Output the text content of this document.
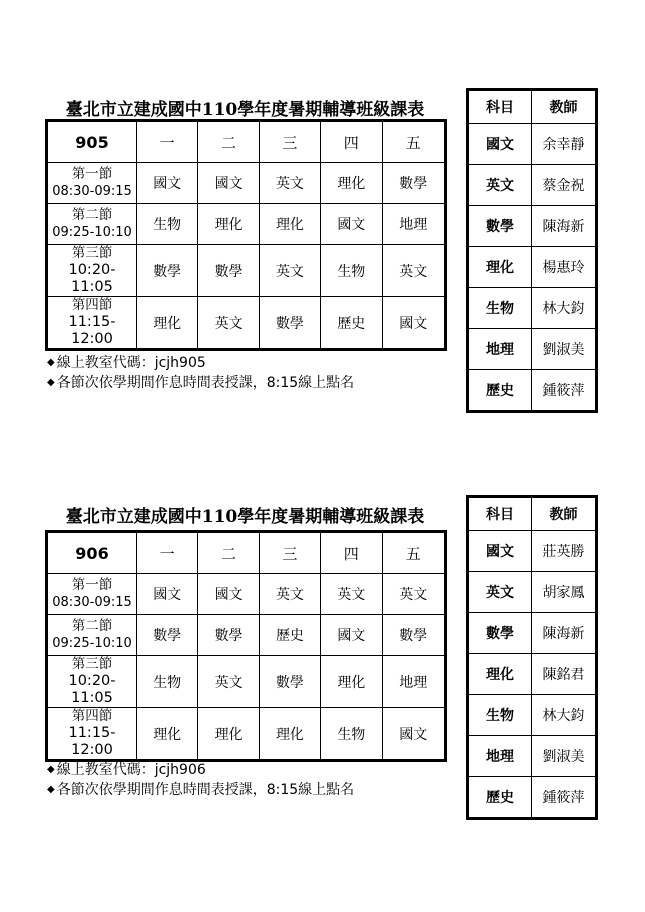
臺北市立建成國中110學年度暑期輔導班級課表
905	一	二	三	四	五

第一節
08:30-09:15	國文	國文	英文	理化	數學

第二節
09:25-10:10	生物	理化	理化	國文	地理

第三節
10:20-11:05	數學	數學	英文	生物	英文

第四節
11:15-12:00	理化	英文	數學	歷史	國文
◆ 線上教室代碼：jcjh905
◆ 各節次依學期間作息時間表授課，8:15線上點名
科目	教師
國文	余幸靜
英文	蔡金祝
數學	陳海新
理化	楊惠玲
生物	林大鈞
地理	劉淑美
歷史	鍾筱萍
臺北市立建成國中110學年度暑期輔導班級課表
906	一	二	三	四	五

第一節
08:30-09:15	國文	國文	英文	英文	英文

第二節
09:25-10:10	數學	數學	歷史	國文	數學

第三節
10:20-11:05	生物	英文	數學	理化	地理

第四節
11:15-12:00	理化	理化	理化	生物	國文
◆ 線上教室代碼：jcjh906
◆ 各節次依學期間作息時間表授課，8:15線上點名
科目	教師
國文	莊英勝
英文	胡家鳳
數學	陳海新
理化	陳銘君
生物	林大鈞
地理	劉淑美
歷史	鍾筱萍
